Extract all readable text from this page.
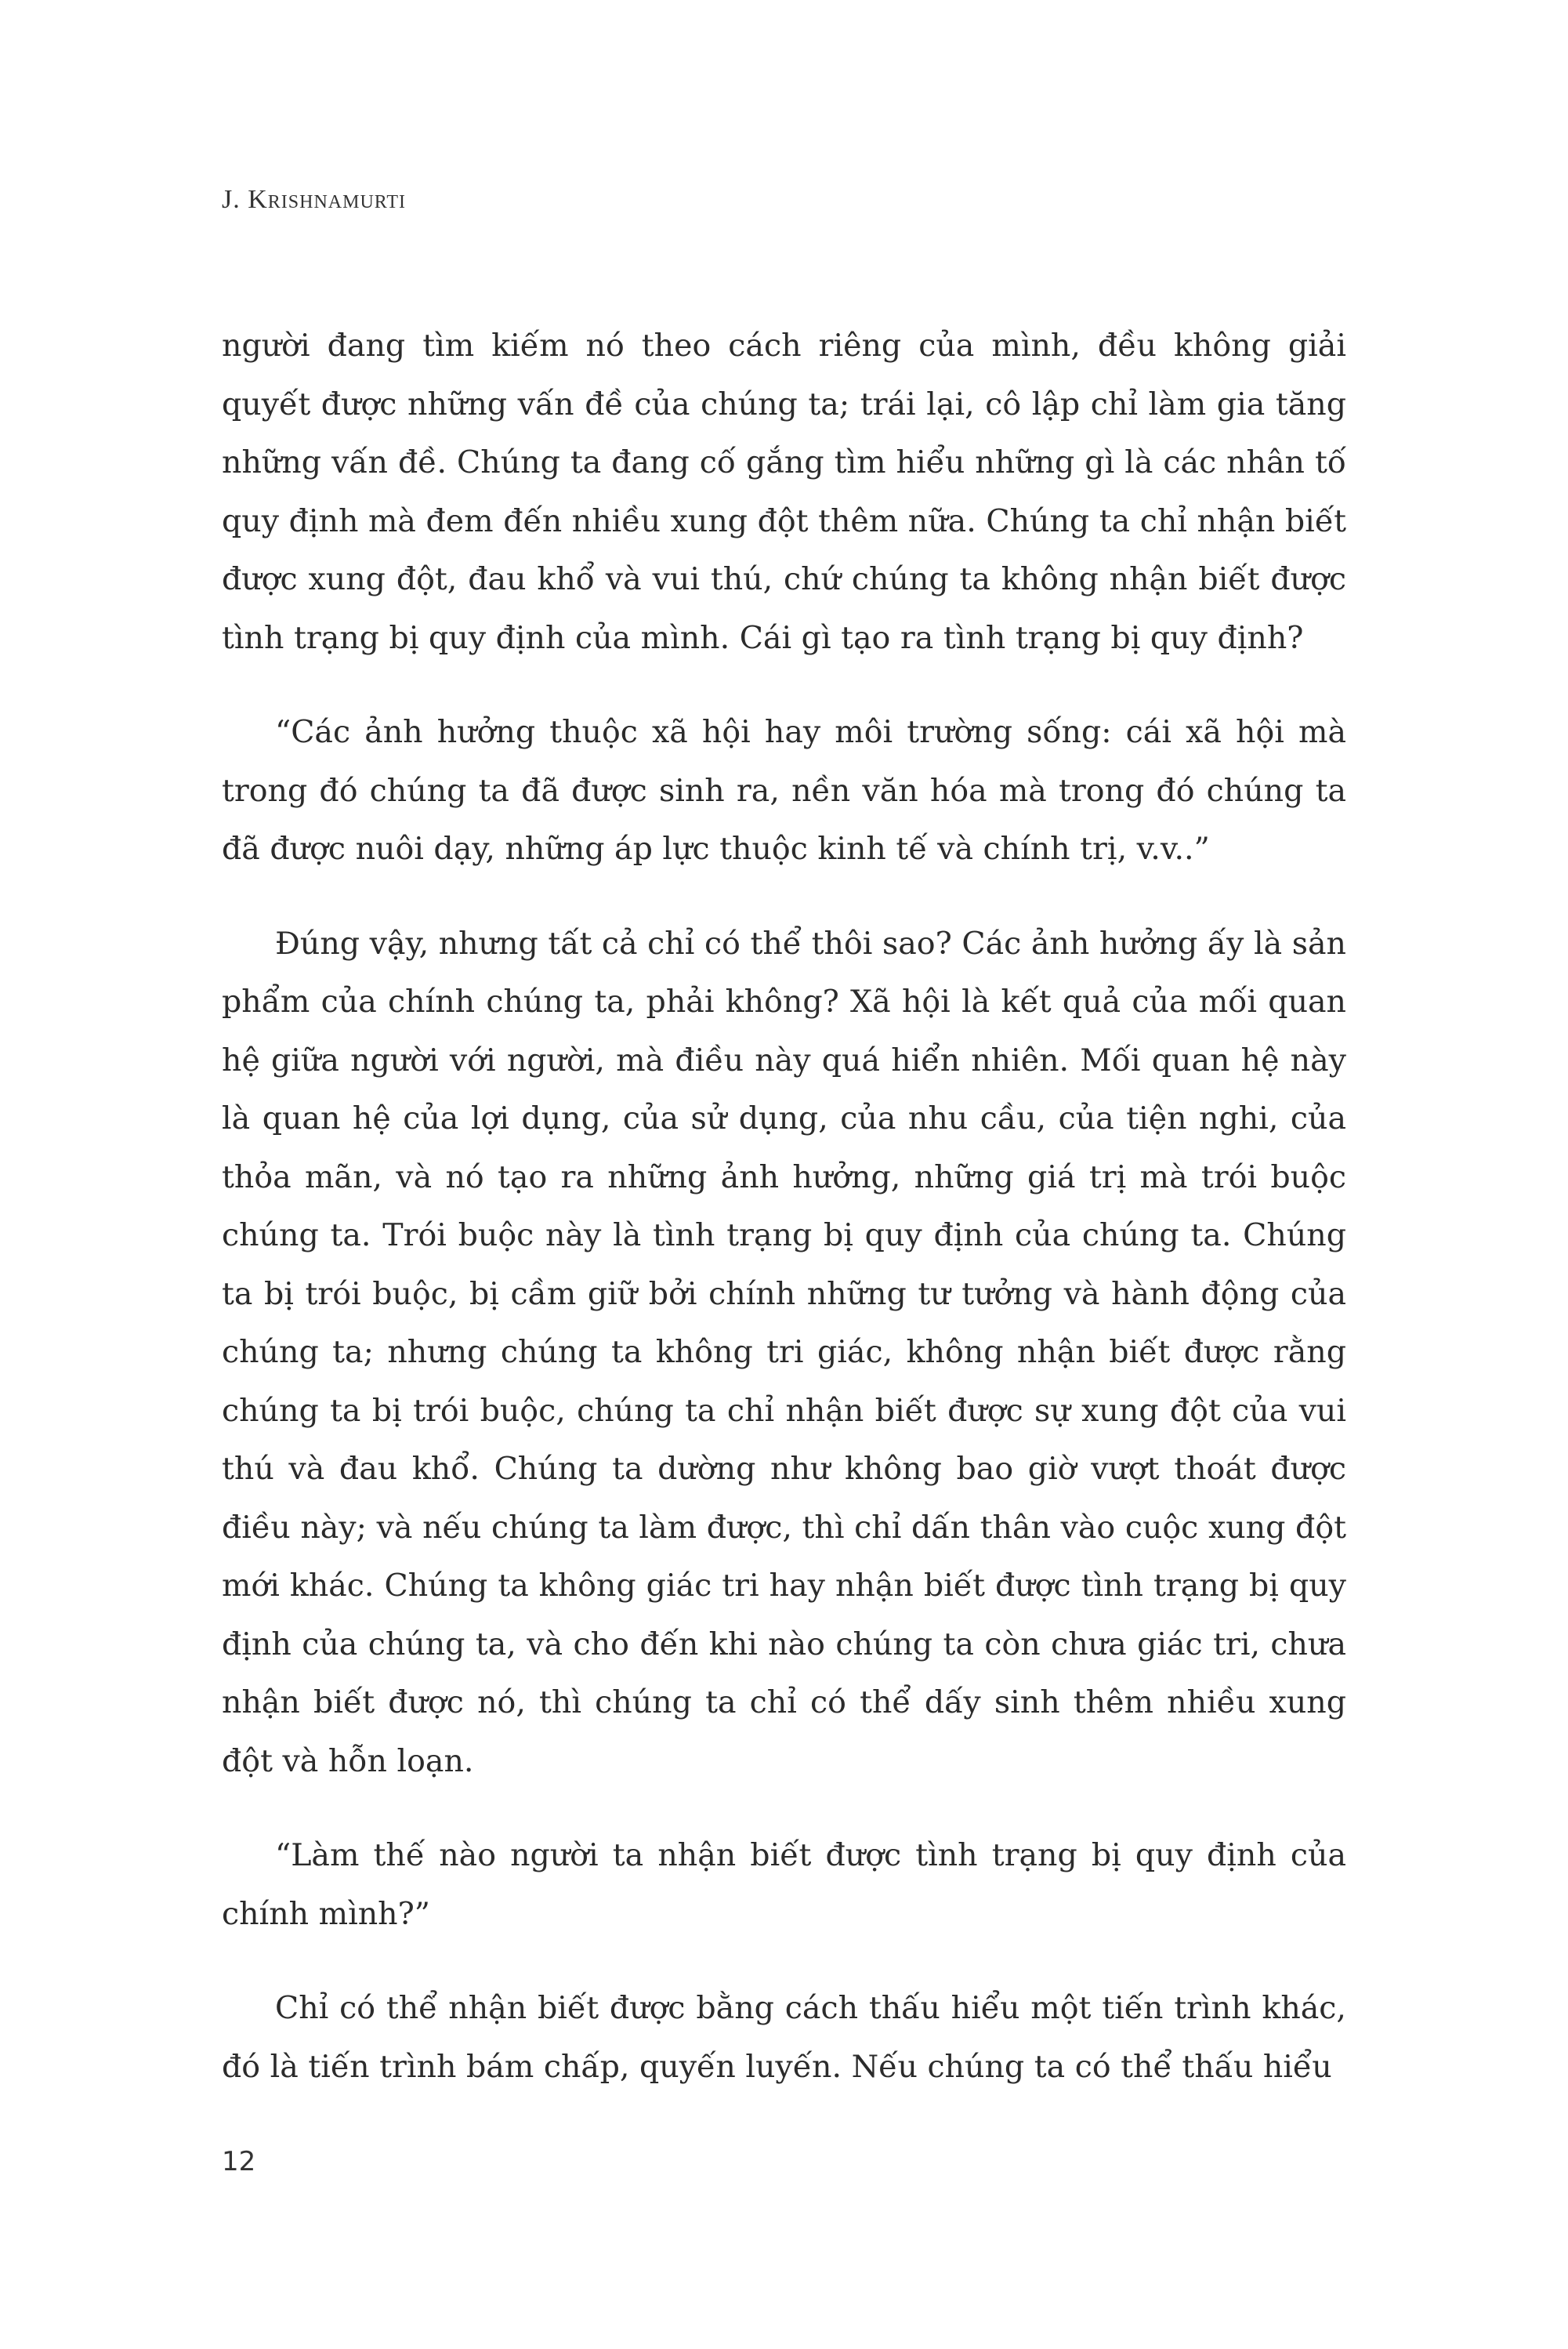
J. Krishnamurti

người đang tìm kiếm nó theo cách riêng của mình, đều không giải quyết được những vấn đề của chúng ta; trái lại, cô lập chỉ làm gia tăng những vấn đề. Chúng ta đang cố gắng tìm hiểu những gì là các nhân tố quy định mà đem đến nhiều xung đột thêm nữa. Chúng ta chỉ nhận biết được xung đột, đau khổ và vui thú, chứ chúng ta không nhận biết được tình trạng bị quy định của mình. Cái gì tạo ra tình trạng bị quy định?

“Các ảnh hưởng thuộc xã hội hay môi trường sống: cái xã hội mà trong đó chúng ta đã được sinh ra, nền văn hóa mà trong đó chúng ta đã được nuôi dạy, những áp lực thuộc kinh tế và chính trị, v.v..”

Đúng vậy, nhưng tất cả chỉ có thể thôi sao? Các ảnh hưởng ấy là sản phẩm của chính chúng ta, phải không? Xã hội là kết quả của mối quan hệ giữa người với người, mà điều này quá hiển nhiên. Mối quan hệ này là quan hệ của lợi dụng, của sử dụng, của nhu cầu, của tiện nghi, của thỏa mãn, và nó tạo ra những ảnh hưởng, những giá trị mà trói buộc chúng ta. Trói buộc này là tình trạng bị quy định của chúng ta. Chúng ta bị trói buộc, bị cầm giữ bởi chính những tư tưởng và hành động của chúng ta; nhưng chúng ta không tri giác, không nhận biết được rằng chúng ta bị trói buộc, chúng ta chỉ nhận biết được sự xung đột của vui thú và đau khổ. Chúng ta dường như không bao giờ vượt thoát được điều này; và nếu chúng ta làm được, thì chỉ dấn thân vào cuộc xung đột mới khác. Chúng ta không giác tri hay nhận biết được tình trạng bị quy định của chúng ta, và cho đến khi nào chúng ta còn chưa giác tri, chưa nhận biết được nó, thì chúng ta chỉ có thể dấy sinh thêm nhiều xung đột và hỗn loạn.

“Làm thế nào người ta nhận biết được tình trạng bị quy định của chính mình?”

Chỉ có thể nhận biết được bằng cách thấu hiểu một tiến trình khác, đó là tiến trình bám chấp, quyến luyến. Nếu chúng ta có thể thấu hiểu

12
